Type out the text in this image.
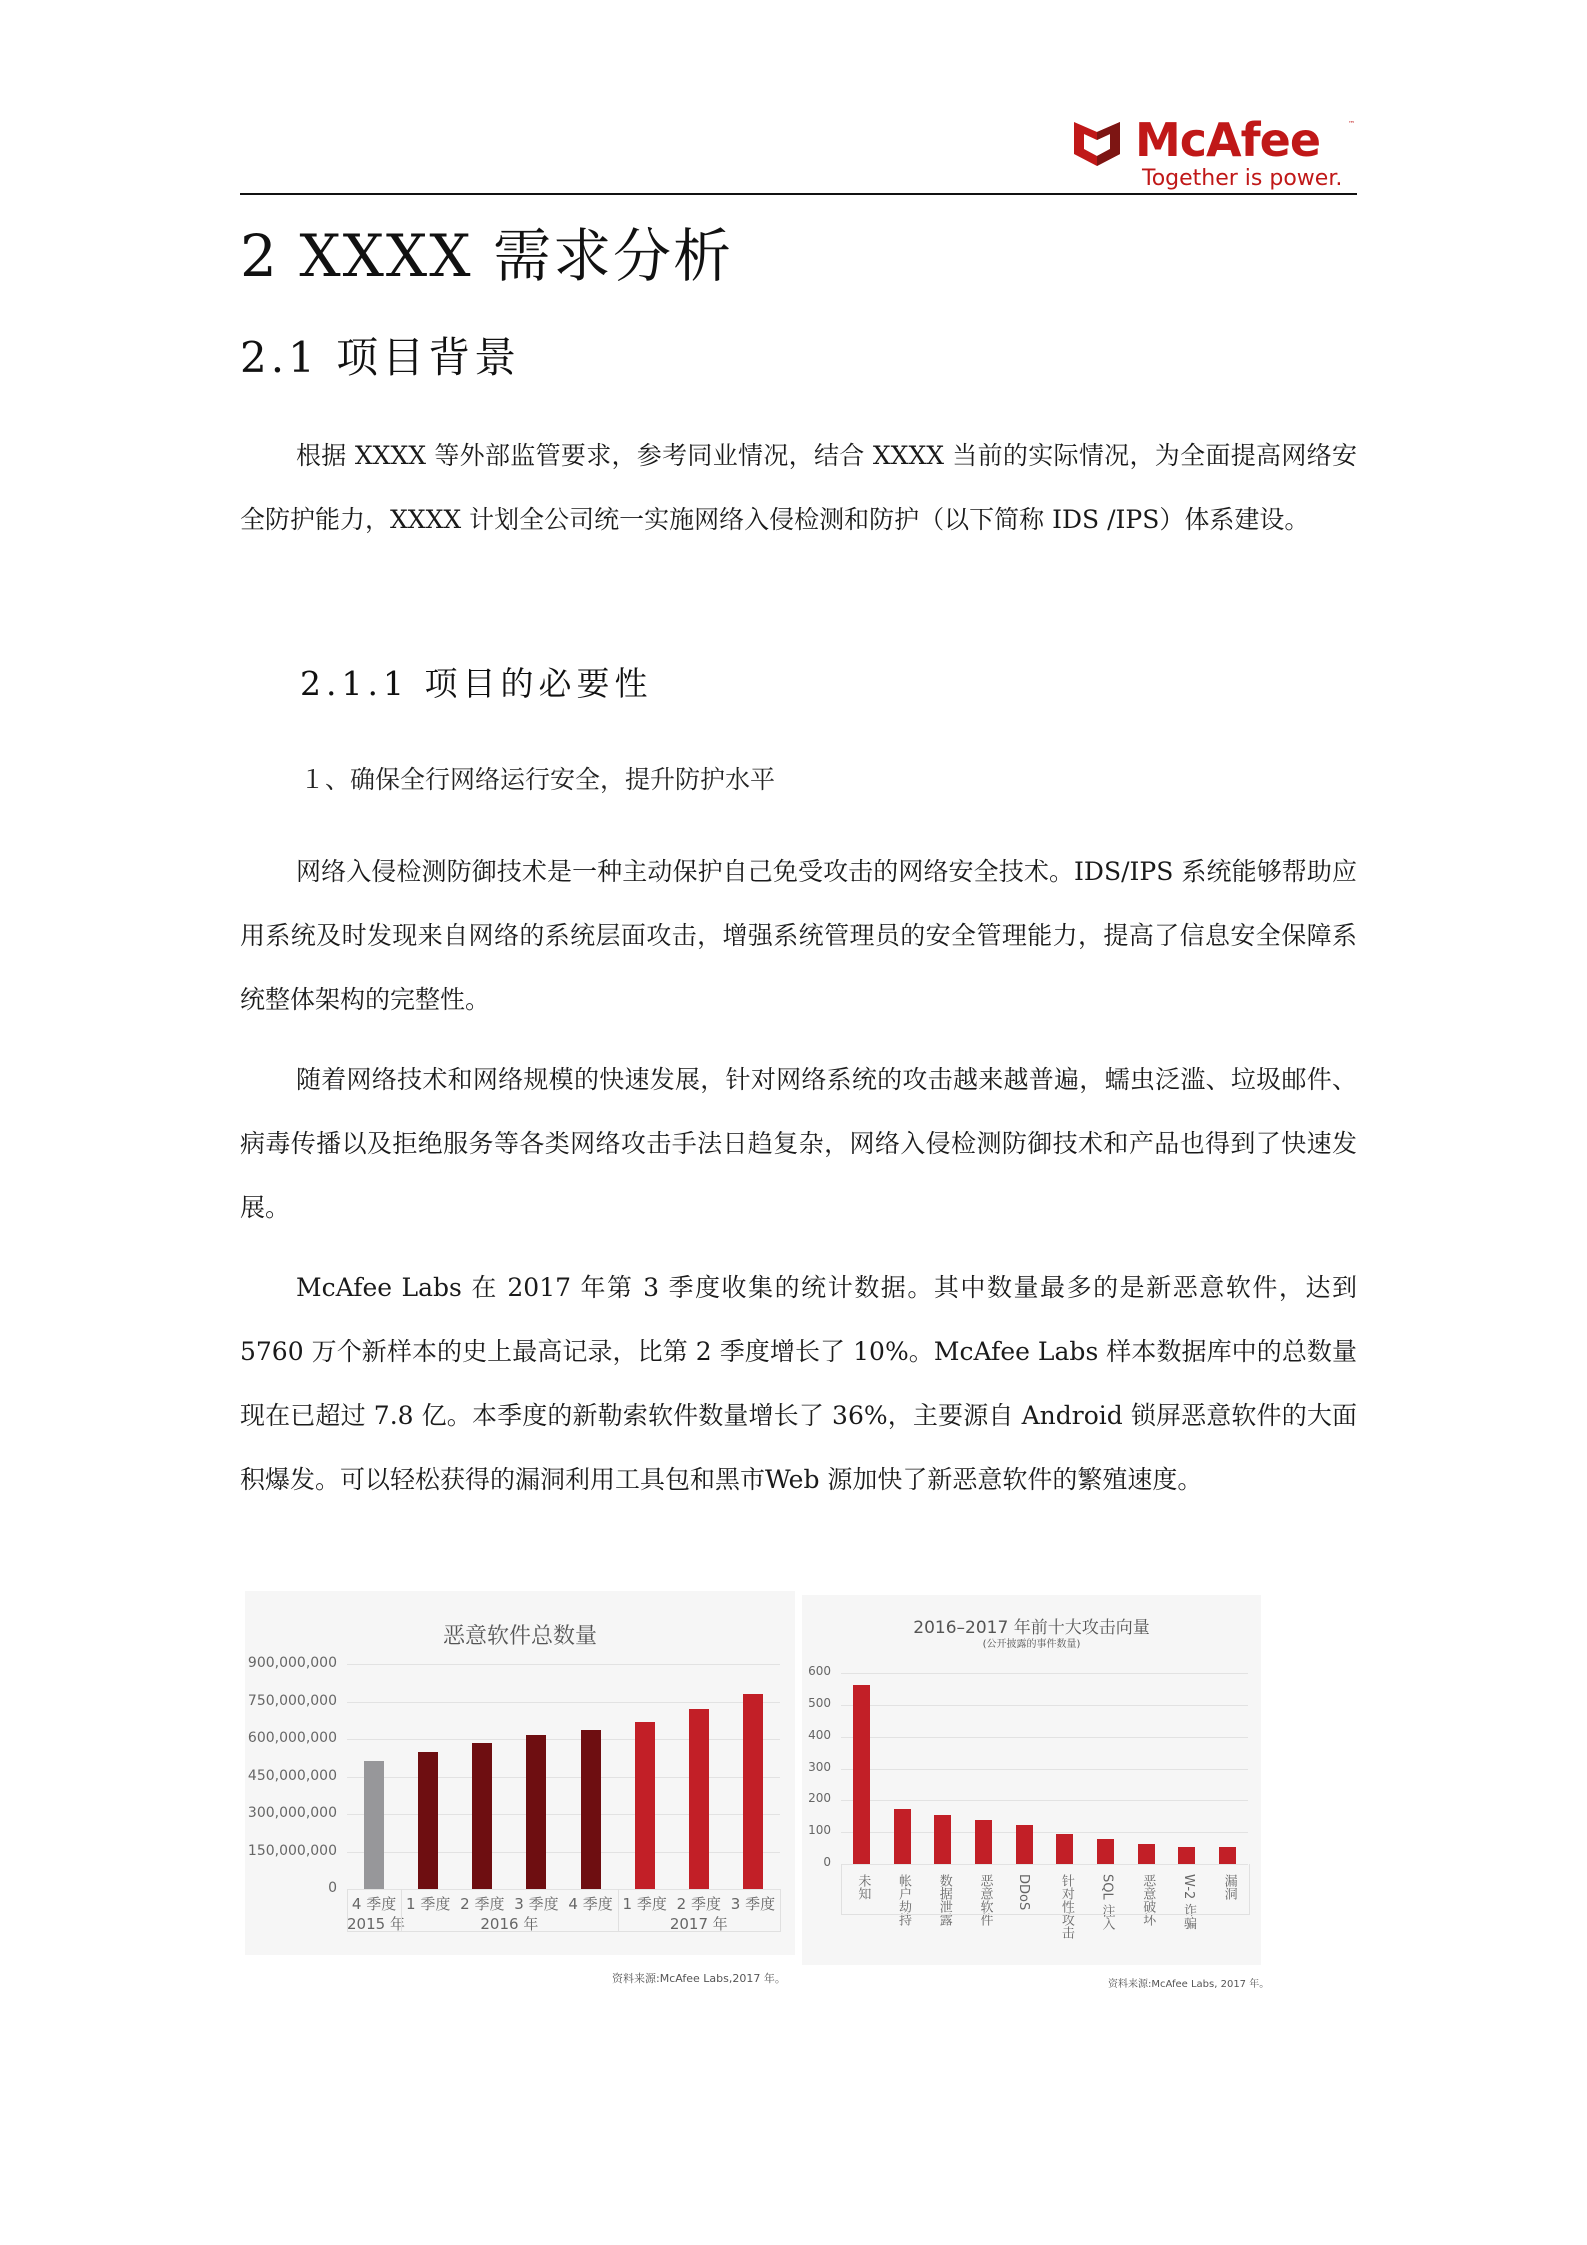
McAfee	™
Together is power.
2 XXXX 需求分析
2.1 项目背景
根据 XXXX 等外部监管要求，参考同业情况，结合 XXXX 当前的实际情况，为全面提高网络安全防护能力，XXXX 计划全公司统一实施网络入侵检测和防护（以下简称 IDS /IPS）体系建设。
2.1.1 项目的必要性
１、确保全行网络运行安全，提升防护水平
网络入侵检测防御技术是一种主动保护自己免受攻击的网络安全技术。IDS/IPS 系统能够帮助应用系统及时发现来自网络的系统层面攻击，增强系统管理员的安全管理能力，提高了信息安全保障系统整体架构的完整性。
随着网络技术和网络规模的快速发展，针对网络系统的攻击越来越普遍，蠕虫泛滥、垃圾邮件、病毒传播以及拒绝服务等各类网络攻击手法日趋复杂，网络入侵检测防御技术和产品也得到了快速发展。
McAfee Labs 在 2017 年第 3 季度收集的统计数据。其中数量最多的是新恶意软件，达到 5760 万个新样本的史上最高记录，比第 2 季度增长了 10%。McAfee Labs 样本数据库中的总数量现在已超过 7.8 亿。本季度的新勒索软件数量增长了 36%，主要源自 Android 锁屏恶意软件的大面积爆发。可以轻松获得的漏洞利用工具包和黑市Web 源加快了新恶意软件的繁殖速度。
恶意软件总数量
900,000,000
750,000,000
600,000,000
450,000,000
300,000,000
150,000,000
0
4 季度 1 季度 2 季度 3 季度 4 季度 1 季度 2 季度 3 季度
2015 年	2016 年	2017 年
资料来源:McAfee Labs,2017 年。
2016–2017 年前十大攻击向量
(公开披露的事件数量)
600
500
400
300
200
100
0
未知 帐户劫持 数据泄露 恶意软件 DDoS 针对性攻击 SQL 注入 恶意破坏 W-2 诈骗 漏洞
资料来源:McAfee Labs, 2017 年。
